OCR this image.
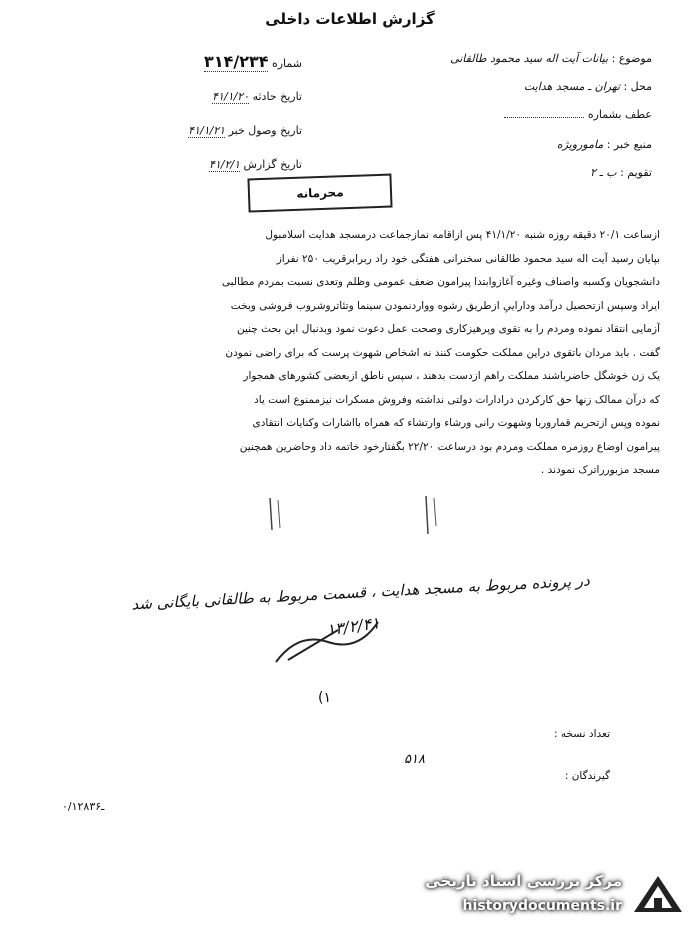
گزارش اطلاعات داخلی
موضوع : بیانات آیت اله سید محمود طالقانی
محل : تهران ـ مسجد هدایت
عطف بشماره
منبع خبر : مامورویژه
تقویم : ب ـ ۲
شماره ۳۱۴/۲۳۴
تاریخ حادثه ۴۱/۱/۲۰
تاریخ وصول خبر ۴۱/۱/۲۱
تاریخ گزارش ۴۱/۲/۱
محرمانه

ازساعت ۲۰/۱ دقیقه روزه شنبه ۴۱/۱/۲۰ پس ازاقامه نمازجماعت درمسجد هدایت اسلامبول

بپایان رسید آیت اله سید محمود طالقانی سخنرانی هفتگی خود راد ربرابرقریب ۲۵۰ نفراز

دانشجویان وکسبه واصناف وغیره آغازوابتدا پیرامون ضعف عمومی وظلم وتعدی نسبت بمردم مطالبی

ایراد وسپس ازتحصیل درآمد وداراییِ ازطریق رشوه وواردنمودن سینما وتئاتروشروب فروشی وبخت

آزمایی انتقاد نموده ومردم را به تقوی وپرهیزکاری وصحت عمل دعوت نمود وبدنبال این بحث چنین

گفت . باید مردان باتقوی دراین مملکت حکومت کنند نه اشخاص شهوت پرست که برای راضی نمودن

یک زن خوشگل حاضرباشند مملکت راهم ازدست بدهند ، سپس ناطق ازبعضی کشورهای همجوار

که درآن ممالک زنها حق کارکردن درادارات دولتی نداشته وفروش مسکرات نیزممنوع است یاد

نموده وپس ازتحریم قماروربا وشهوت رانی ورشاء وارتشاء که همراه بااشارات وکنایات انتقادی

پیرامون اوضاع روزمره مملکت ومردم بود درساعت ۲۲/۲۰ بگفتارخود خاتمه داد وحاضرین همچنین

مسجد مزبورراترک نمودند .

در پرونده مربوط به مسجد هدایت ، قسمت مربوط به طالقانی بایگانی شد
۱۳/۲/۴۱
(۱
تعداد نسخه :
گیرندگان :
۵۱۸
۰/۱۲۸ـ۳۶
مرکز بررسی اسناد تاریخی
historydocuments.ir
